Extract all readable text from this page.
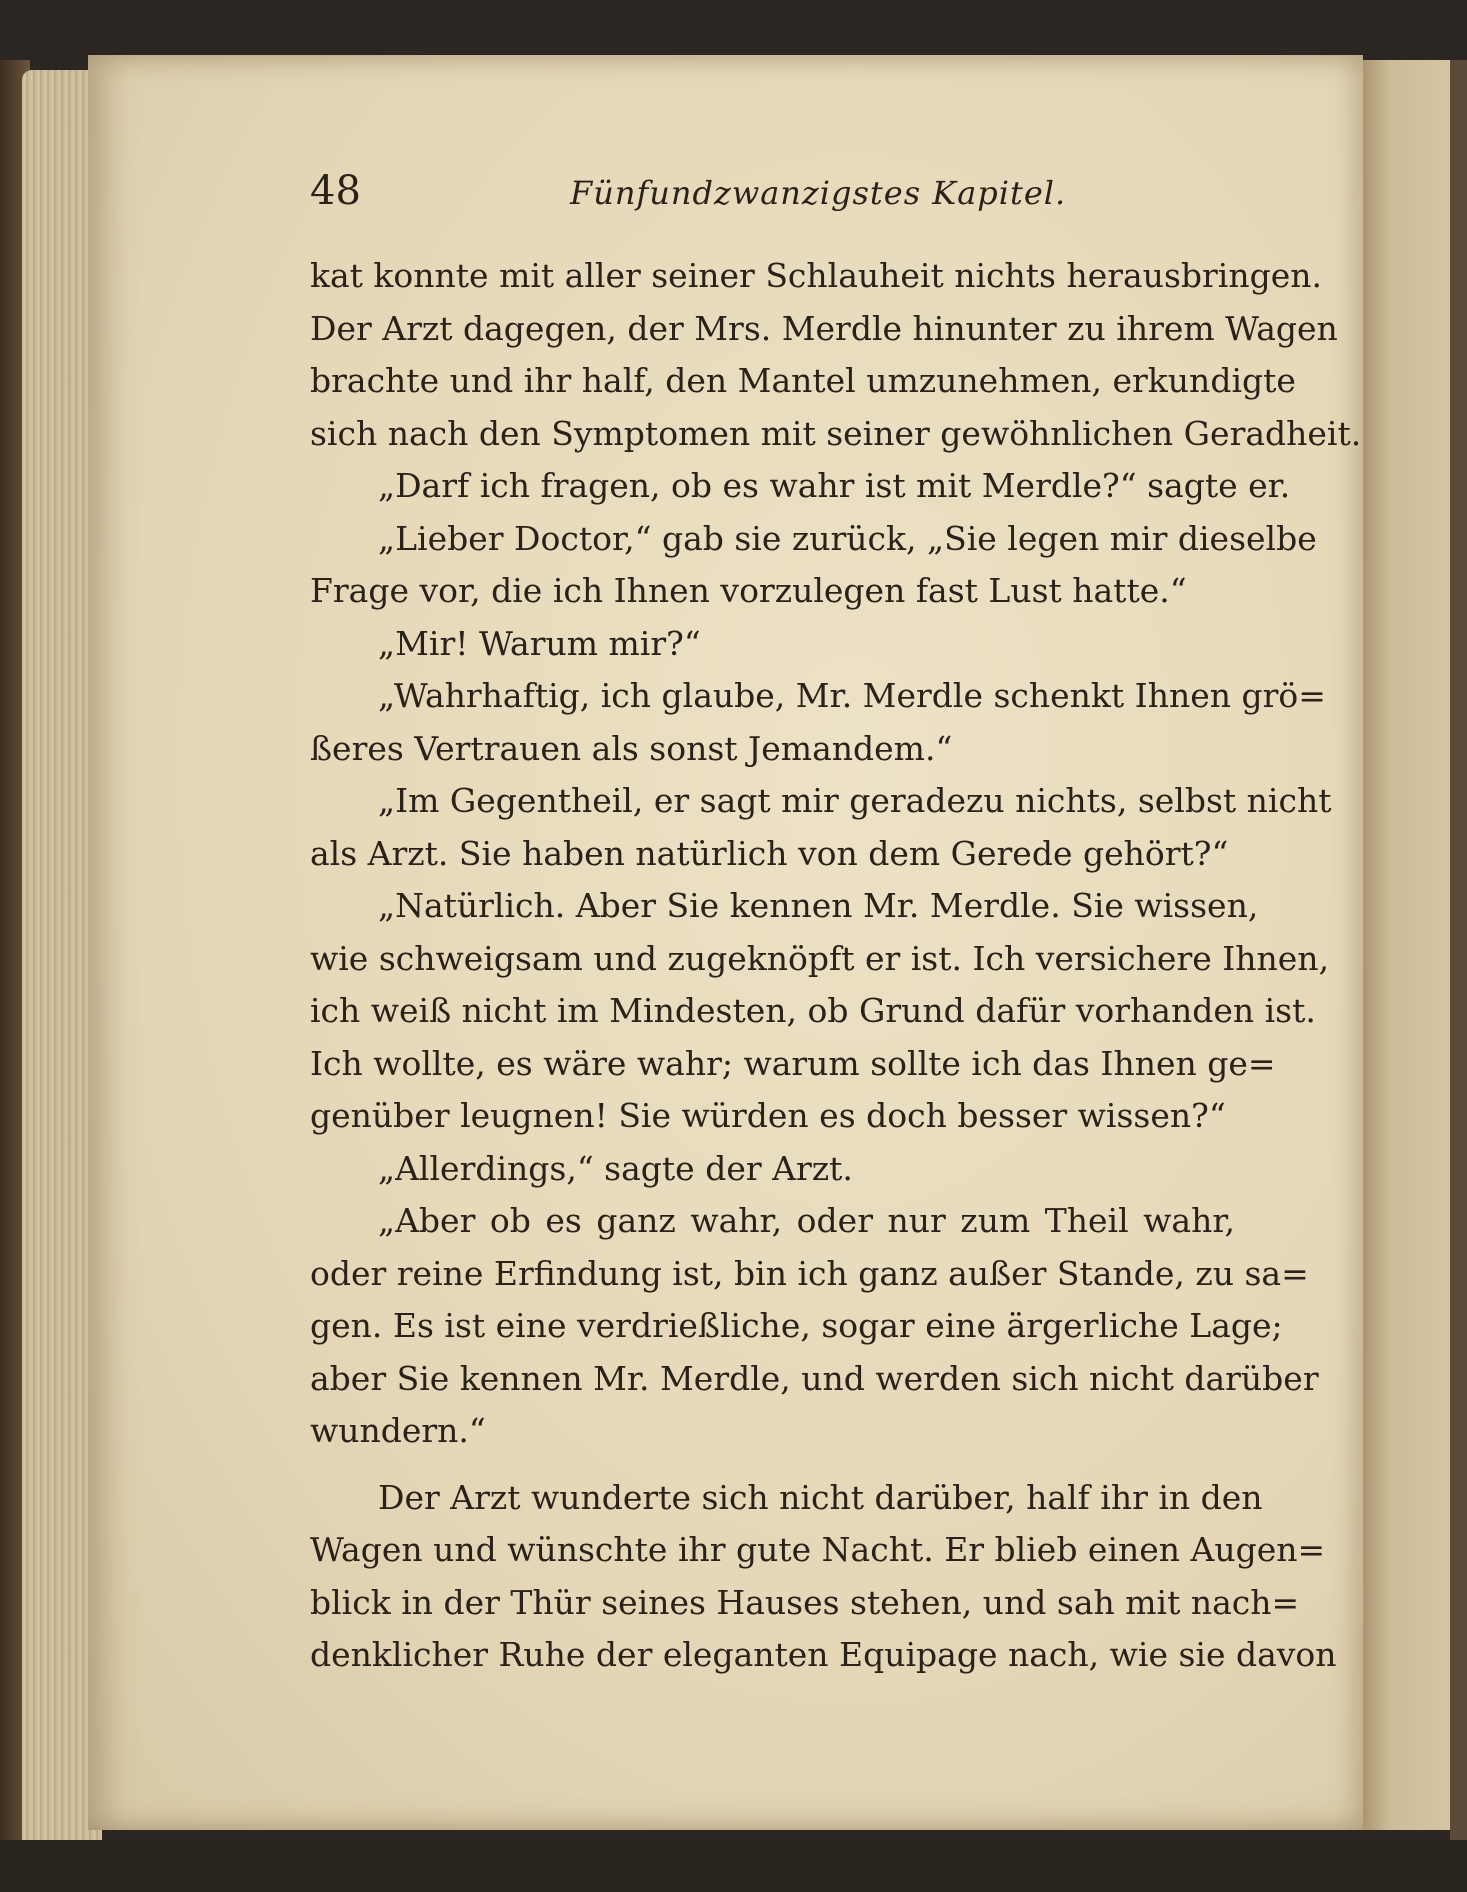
48	Fünfundzwanzigstes Kapitel.
kat konnte mit aller seiner Schlauheit nichts herausbringen.
Der Arzt dagegen, der Mrs. Merdle hinunter zu ihrem Wagen
brachte und ihr half, den Mantel umzunehmen, erkundigte
sich nach den Symptomen mit seiner gewöhnlichen Geradheit.
„Darf ich fragen, ob es wahr ist mit Merdle?“ sagte er.
„Lieber Doctor,“ gab sie zurück, „Sie legen mir dieselbe
Frage vor, die ich Ihnen vorzulegen fast Lust hatte.“
„Mir! Warum mir?“
„Wahrhaftig, ich glaube, Mr. Merdle schenkt Ihnen grö=
ßeres Vertrauen als sonst Jemandem.“
„Im Gegentheil, er sagt mir geradezu nichts, selbst nicht
als Arzt. Sie haben natürlich von dem Gerede gehört?“
„Natürlich. Aber Sie kennen Mr. Merdle. Sie wissen,
wie schweigsam und zugeknöpft er ist. Ich versichere Ihnen,
ich weiß nicht im Mindesten, ob Grund dafür vorhanden ist.
Ich wollte, es wäre wahr; warum sollte ich das Ihnen ge=
genüber leugnen! Sie würden es doch besser wissen?“
„Allerdings,“ sagte der Arzt.
„Aber ob es ganz wahr, oder nur zum Theil wahr,
oder reine Erfindung ist, bin ich ganz außer Stande, zu sa=
gen. Es ist eine verdrießliche, sogar eine ärgerliche Lage;
aber Sie kennen Mr. Merdle, und werden sich nicht darüber
wundern.“
Der Arzt wunderte sich nicht darüber, half ihr in den
Wagen und wünschte ihr gute Nacht. Er blieb einen Augen=
blick in der Thür seines Hauses stehen, und sah mit nach=
denklicher Ruhe der eleganten Equipage nach, wie sie davon
